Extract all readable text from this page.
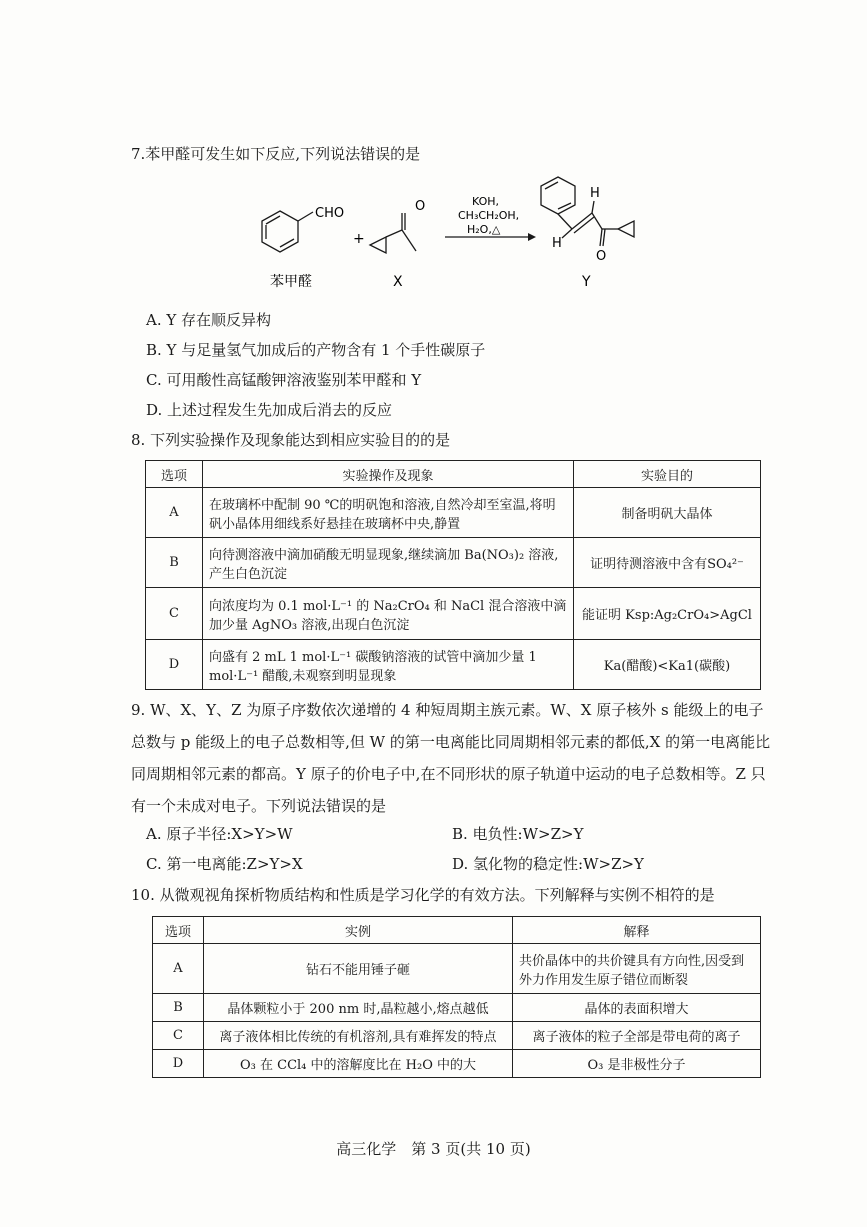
7.苯甲醛可发生如下反应,下列说法错误的是
CHO
+
O	KOH,
CH₃CH₂OH,
H₂O,△
H
H
O
苯甲醛	X	Y
A. Y 存在顺反异构
B. Y 与足量氢气加成后的产物含有 1 个手性碳原子
C. 可用酸性高锰酸钾溶液鉴别苯甲醛和 Y
D. 上述过程发生先加成后消去的反应
8. 下列实验操作及现象能达到相应实验目的的是
选项	实验操作及现象	实验目的
A	在玻璃杯中配制 90 ℃的明矾饱和溶液,自然冷却至室温,将明矾小晶体用细线系好悬挂在玻璃杯中央,静置	制备明矾大晶体
B	向待测溶液中滴加硝酸无明显现象,继续滴加 Ba(NO₃)₂ 溶液,产生白色沉淀	证明待测溶液中含有SO₄²⁻
C	向浓度均为 0.1 mol·L⁻¹ 的 Na₂CrO₄ 和 NaCl 混合溶液中滴加少量 AgNO₃ 溶液,出现白色沉淀	能证明 Ksp:Ag₂CrO₄>AgCl
D	向盛有 2 mL 1 mol·L⁻¹ 碳酸钠溶液的试管中滴加少量 1 mol·L⁻¹ 醋酸,未观察到明显现象	Ka(醋酸)<Ka1(碳酸)
9. W、X、Y、Z 为原子序数依次递增的 4 种短周期主族元素。W、X 原子核外 s 能级上的电子总数与 p 能级上的电子总数相等,但 W 的第一电离能比同周期相邻元素的都低,X 的第一电离能比同周期相邻元素的都高。Y 原子的价电子中,在不同形状的原子轨道中运动的电子总数相等。Z 只有一个未成对电子。下列说法错误的是
A. 原子半径:X>Y>W	B. 电负性:W>Z>Y
C. 第一电离能:Z>Y>X	D. 氢化物的稳定性:W>Z>Y
10. 从微观视角探析物质结构和性质是学习化学的有效方法。下列解释与实例不相符的是
选项	实例	解释
A	钻石不能用锤子砸	共价晶体中的共价键具有方向性,因受到外力作用发生原子错位而断裂
B	晶体颗粒小于 200 nm 时,晶粒越小,熔点越低	晶体的表面积增大
C	离子液体相比传统的有机溶剂,具有难挥发的特点	离子液体的粒子全部是带电荷的离子
D	O₃ 在 CCl₄ 中的溶解度比在 H₂O 中的大	O₃ 是非极性分子
高三化学　第 3 页(共 10 页)
